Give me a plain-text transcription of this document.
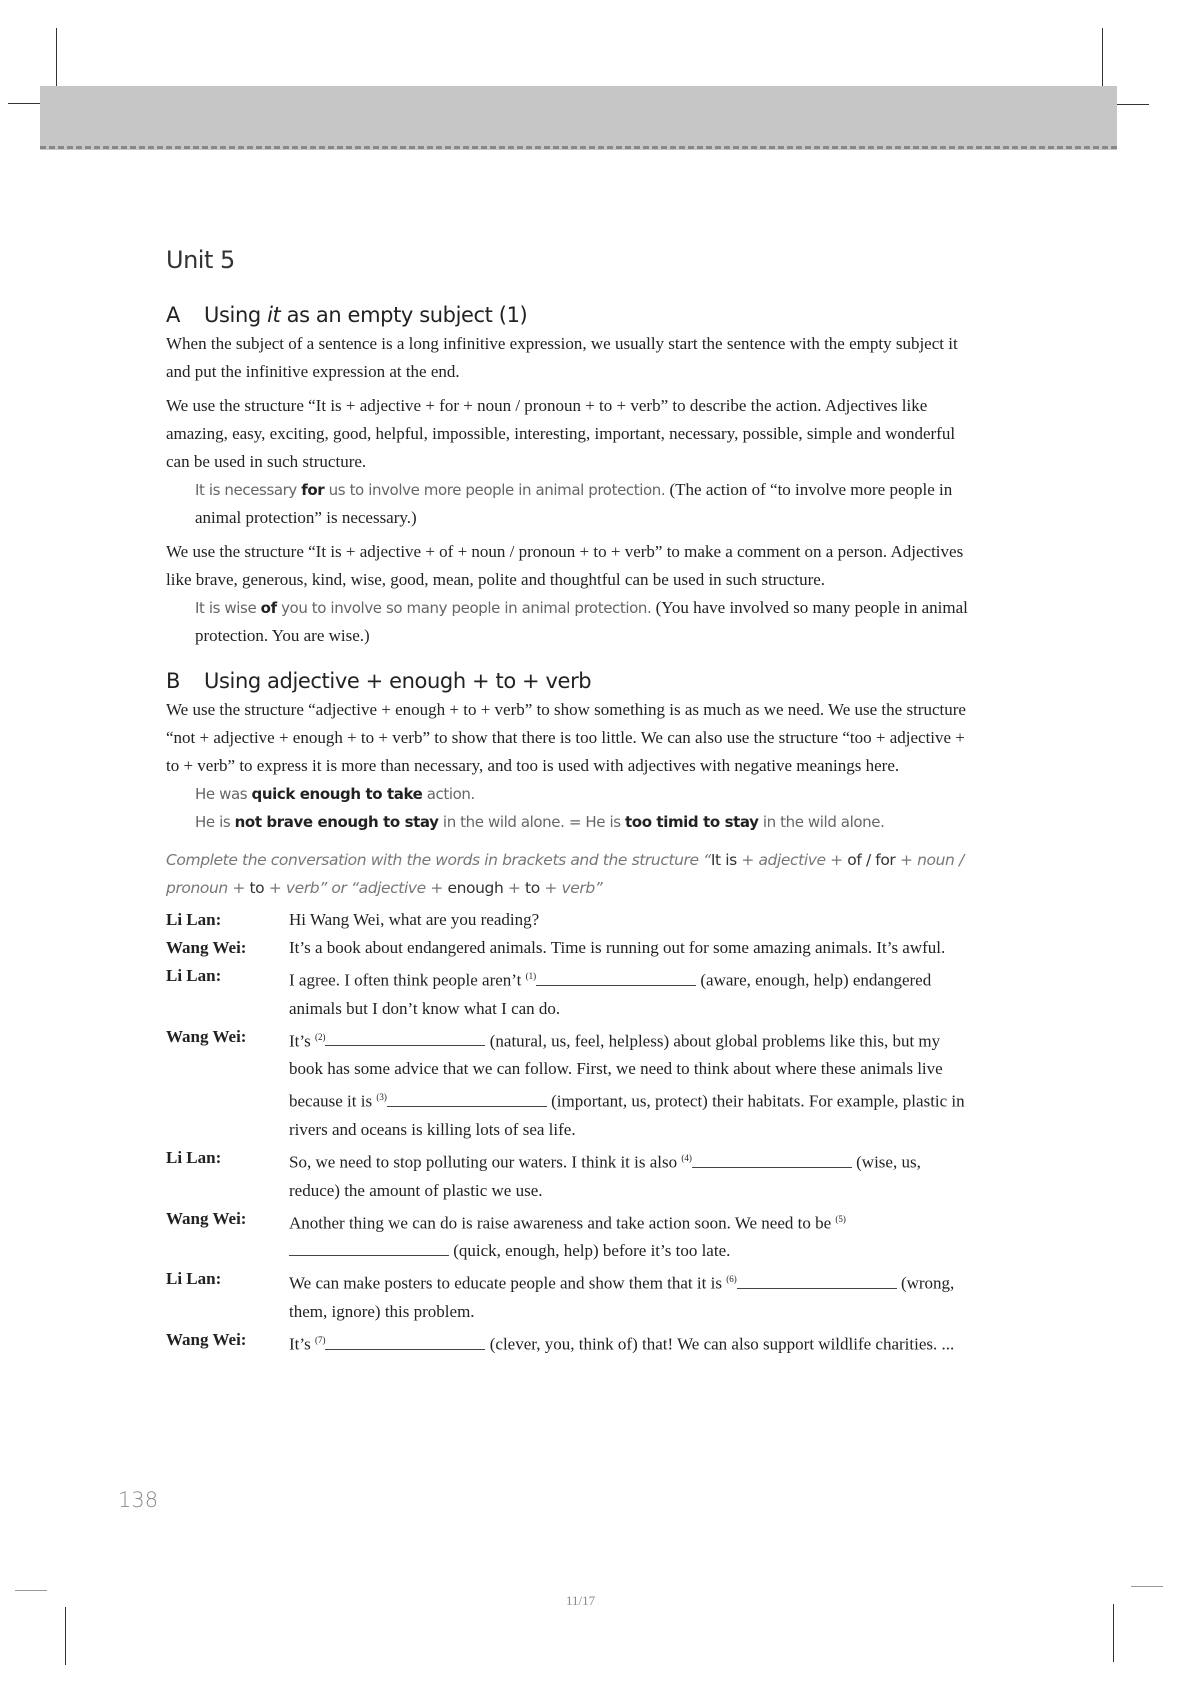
Unit 5
A Using it as an empty subject (1)

When the subject of a sentence is a long infinitive expression, we usually start the sentence with the empty subject it and put the infinitive expression at the end.

We use the structure “It is + adjective + for + noun / pronoun + to + verb” to describe the action. Adjectives like amazing, easy, exciting, good, helpful, impossible, interesting, important, necessary, possible, simple and wonderful can be used in such structure.

It is necessary for us to involve more people in animal protection. (The action of “to involve more people in animal protection” is necessary.)

We use the structure “It is + adjective + of + noun / pronoun + to + verb” to make a comment on a person. Adjectives like brave, generous, kind, wise, good, mean, polite and thoughtful can be used in such structure.

It is wise of you to involve so many people in animal protection. (You have involved so many people in animal protection. You are wise.)
B Using adjective + enough + to + verb

We use the structure “adjective + enough + to + verb” to show something is as much as we need. We use the structure “not + adjective + enough + to + verb” to show that there is too little. We can also use the structure “too + adjective + to + verb” to express it is more than necessary, and too is used with adjectives with negative meanings here.

He was quick enough to take action.
He is not brave enough to stay in the wild alone. = He is too timid to stay in the wild alone.
Complete the conversation with the words in brackets and the structure “It is + adjective + of / for + noun / pronoun + to + verb” or “adjective + enough + to + verb”
Li Lan:	Hi Wang Wei, what are you reading?
Wang Wei:	It’s a book about endangered animals. Time is running out for some amazing animals. It’s awful.
Li Lan:	I agree. I often think people aren’t $^{(1)}$	(aware, enough, help) endangered animals but I don’t know what I can do.
Wang Wei:	It’s $^{(2)}$	(natural, us, feel, helpless) about global problems like this, but my book has some advice that we can follow. First, we need to think about where these animals live because it is $^{(3)}$	(important, us, protect) their habitats. For example, plastic in rivers and oceans is killing lots of sea life.
Li Lan:	So, we need to stop polluting our waters. I think it is also $^{(4)}$	(wise, us, reduce) the amount of plastic we use.
Wang Wei:	Another thing we can do is raise awareness and take action soon. We need to be $^{(5)}$ (quick, enough, help) before it’s too late.
Li Lan:	We can make posters to educate people and show them that it is $^{(6)}$	(wrong, them, ignore) this problem.
Wang Wei:	It’s $^{(7)}$	(clever, you, think of) that! We can also support wildlife charities. ...
138
11/17
